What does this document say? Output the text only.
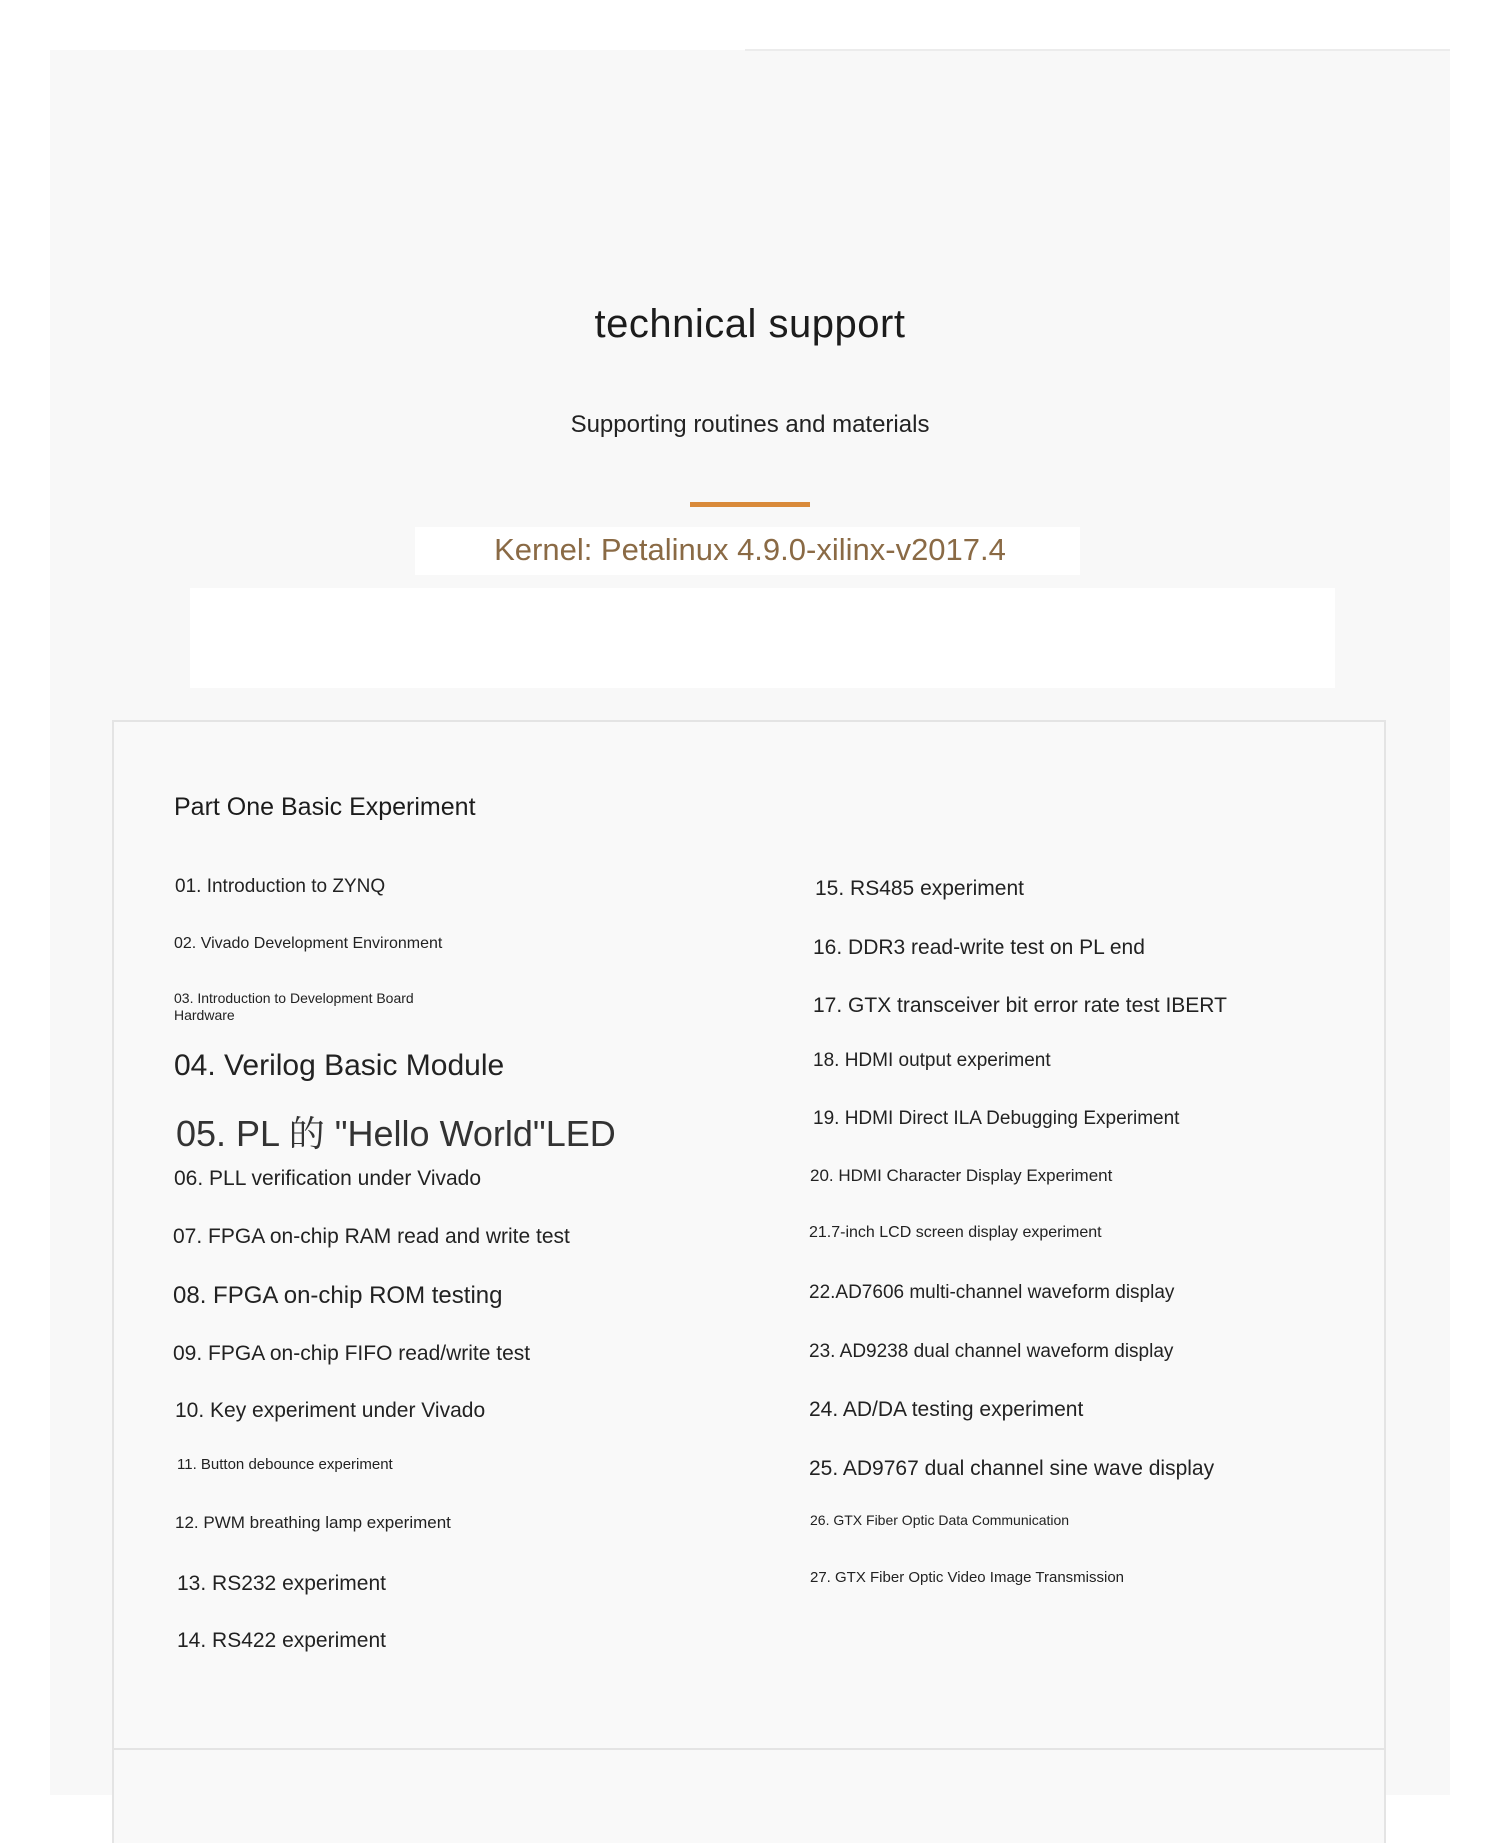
technical support
Supporting routines and materials
Kernel: Petalinux 4.9.0-xilinx-v2017.4
Part One Basic Experiment
01. Introduction to ZYNQ
02. Vivado Development Environment
03. Introduction to Development Board Hardware
04. Verilog Basic Module
05. PL 的 "Hello World"LED
06. PLL verification under Vivado
07. FPGA on-chip RAM read and write test
08. FPGA on-chip ROM testing
09. FPGA on-chip FIFO read/write test
10. Key experiment under Vivado
11. Button debounce experiment
12. PWM breathing lamp experiment
13. RS232 experiment
14. RS422 experiment
15. RS485 experiment
16. DDR3 read-write test on PL end
17. GTX transceiver bit error rate test IBERT
18. HDMI output experiment
19. HDMI Direct ILA Debugging Experiment
20. HDMI Character Display Experiment
21.7-inch LCD screen display experiment
22.AD7606 multi-channel waveform display
23. AD9238 dual channel waveform display
24. AD/DA testing experiment
25. AD9767 dual channel sine wave display
26. GTX Fiber Optic Data Communication
27. GTX Fiber Optic Video Image Transmission
